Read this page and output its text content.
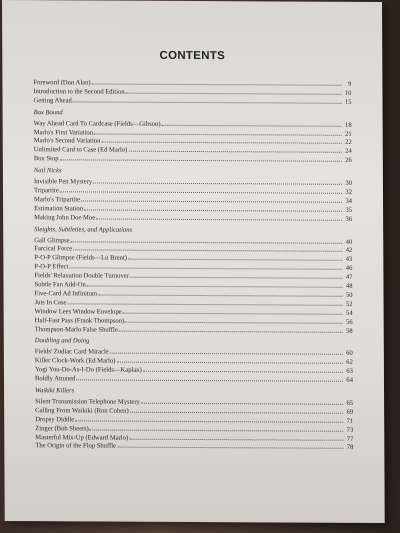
CONTENTS
Foreword (Don Alan)	9
Introduction to the Second Edition	10
Getting Ahead	15
Box Bound
Way Ahead Card To Cardcase (Fields—Gibson)	18
Marlo's First Variation	21
Marlo's Second Variation	22
Unlimited Card to Case (Ed Marlo)	24
Box Stop	26
Nail Nicks
Invisible Pen Mystery	30
Tripartite	32
Marlo's Tripartite	34
Estimation Station	35
Making John Doe Moe	36
Sleights, Subtleties, and Applications
Gall Glimpse	40
Farcical Force	42
P-O-P Glimpse (Fields—Lu Brent)	43
P-O-P Effect	46
Fields' Relaxation Double Turnover	47
Subtle Fan Add-On	48
Five-Card Ad Infinitum	50
Juts In Case	52
Window Lees Window Envelope	54
Half-Fast Pass (Frank Thompson)	56
Thompson-Marlo False Shuffle	58
Doubling and Doing
Fields' Zodiac Card Miracle	60
Killer Clock-Work (Ed Marlo)	62
Yogi You-Do-As-I-Do (Fields—Kaplan)	63
Boldly Attuned	64
Waikiki Killers
Silent Transmission Telephone Mystery	65
Calling From Waikiki (Ron Cohen)	69
Dropsy Diddle	71
Zinger (Bob Sheets)	73
Masterful Mix-Up (Edward Marlo)	77
The Origin of the Flop Shuffle	78
